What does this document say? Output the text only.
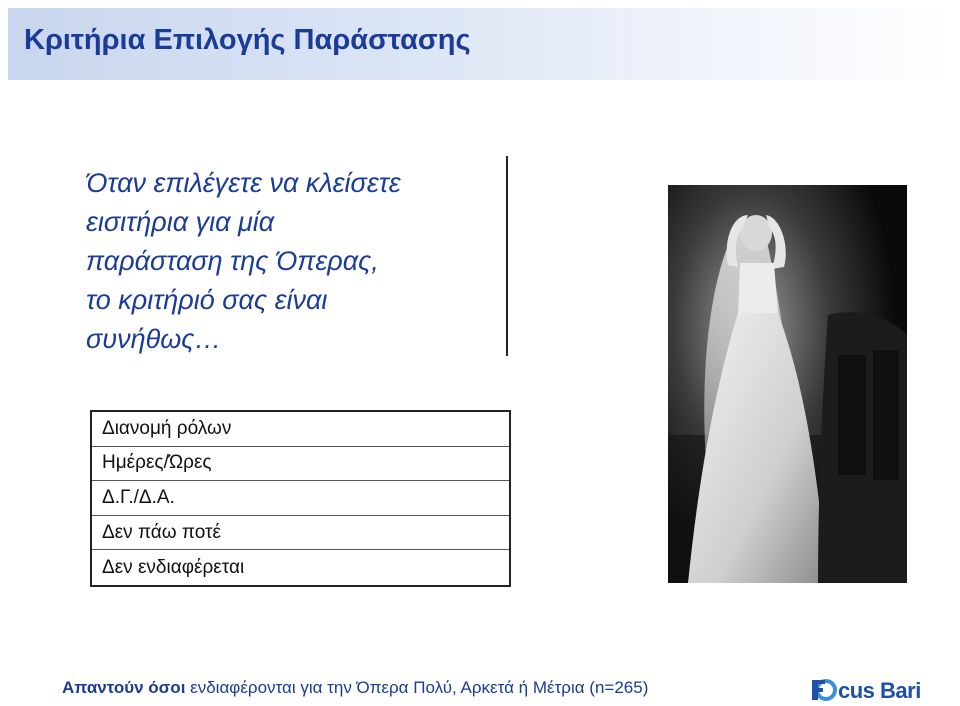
Κριτήρια Επιλογής Παράστασης
Όταν επιλέγετε να κλείσετε
εισιτήρια για μία
παράσταση της Όπερας,
το κριτήριό σας είναι
συνήθως…
Διανομή ρόλων
Ημέρες/Ώρες
Δ.Γ./Δ.Α.
Δεν πάω ποτέ
Δεν ενδιαφέρεται
Απαντούν όσοι ενδιαφέρονται για την Όπερα Πολύ, Αρκετά ή Μέτρια (n=265)	cus Bari
